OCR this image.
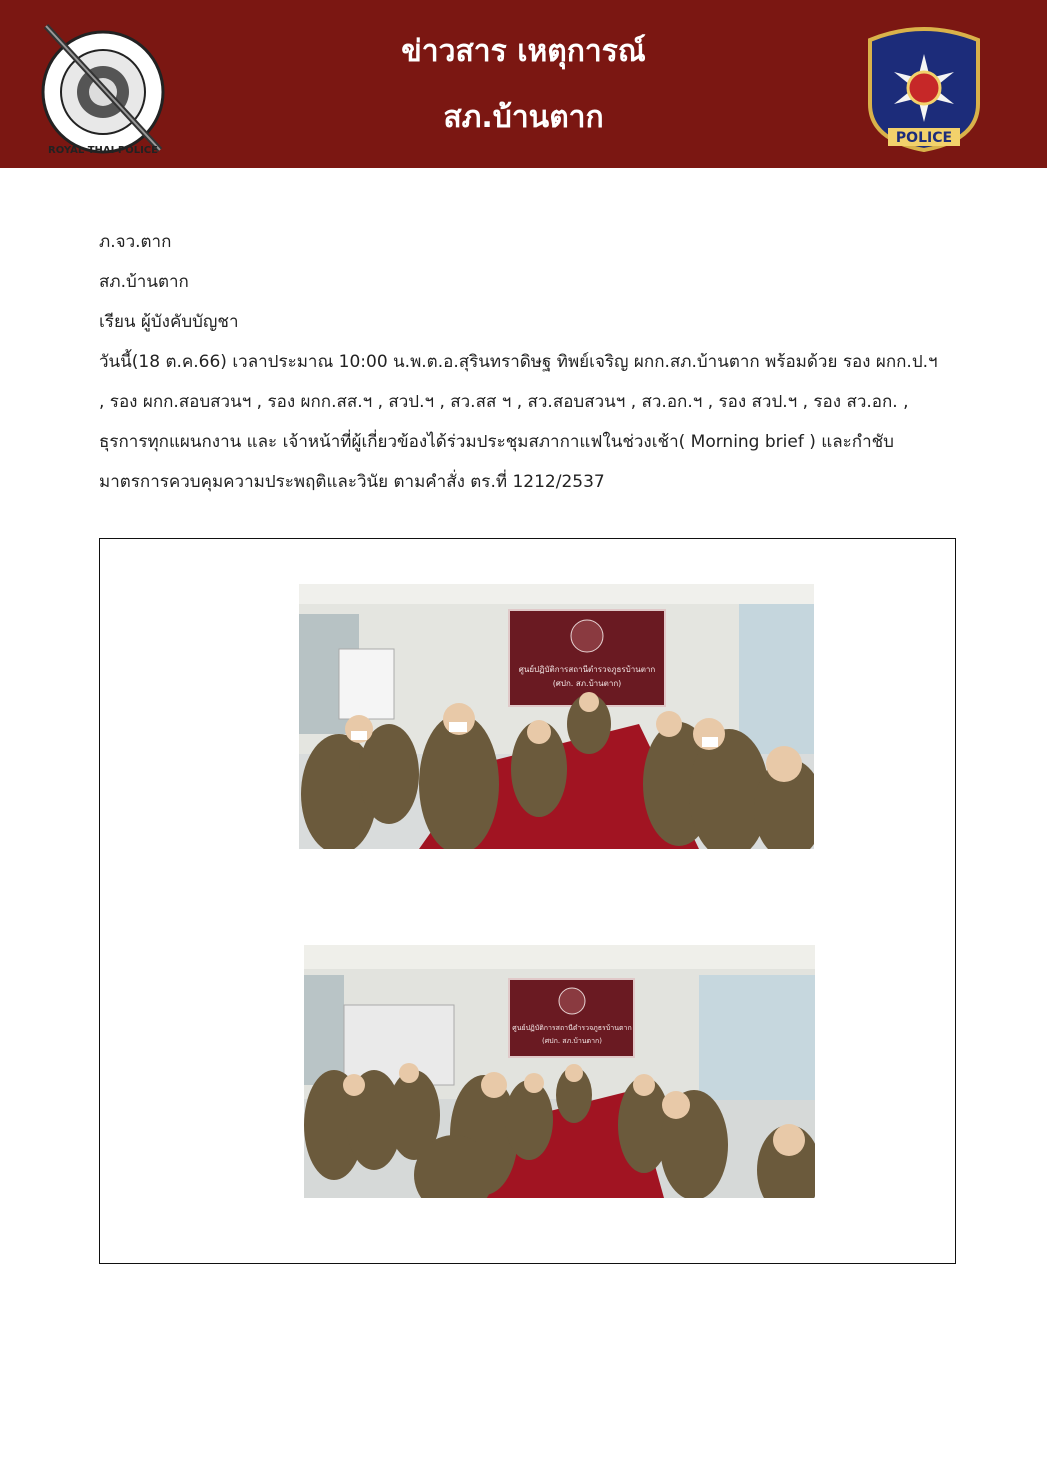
ROYAL THAI POLICE
ข่าวสาร เหตุการณ์
สภ.บ้านตาก
POLICE

ภ.จว.ตาก

สภ.บ้านตาก

เรียน ผู้บังคับบัญชา

วันนี้(18 ต.ค.66) เวลาประมาณ 10:00 น.พ.ต.อ.สุรินทราดิษฐ ทิพย์เจริญ ผกก.สภ.บ้านตาก พร้อมด้วย รอง ผกก.ป.ฯ

, รอง ผกก.สอบสวนฯ , รอง ผกก.สส.ฯ , สวป.ฯ , สว.สส ฯ , สว.สอบสวนฯ , สว.อก.ฯ , รอง สวป.ฯ , รอง สว.อก. ,

ธุรการทุกแผนกงาน และ เจ้าหน้าที่ผู้เกี่ยวข้องได้ร่วมประชุมสภากาแฟในช่วงเช้า( Morning brief ) และกำชับ

มาตรการควบคุมความประพฤติและวินัย ตามคำสั่ง ตร.ที่ 1212/2537

ศูนย์ปฏิบัติการสถานีตำรวจภูธรบ้านตาก
(ศปก. สภ.บ้านตาก)
ศูนย์ปฏิบัติการสถานีตำรวจภูธรบ้านตาก
(ศปก. สภ.บ้านตาก)
